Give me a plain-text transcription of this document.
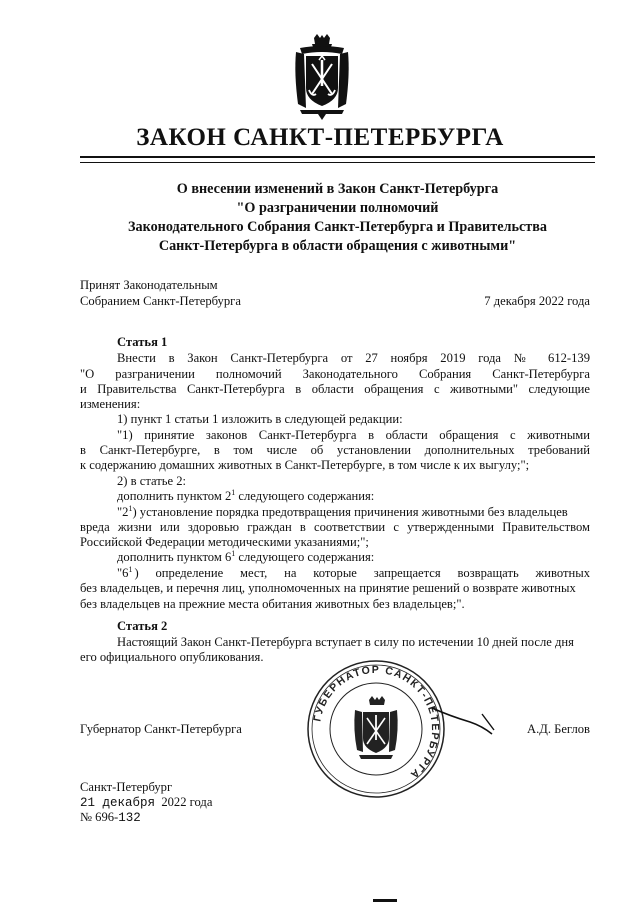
ЗАКОН САНКТ-ПЕТЕРБУРГА
О внесении изменений в Закон Санкт-Петербурга
"О разграничении полномочий
Законодательного Собрания Санкт-Петербурга и Правительства
Санкт-Петербурга в области обращения с животными"
Принят Законодательным
Собранием Санкт-Петербурга	7 декабря 2022 года
Статья 1
Внести в Закон Санкт-Петербурга от 27 ноября 2019 года № 612-139
"О разграничении полномочий Законодательного Собрания Санкт-Петербурга
и Правительства Санкт-Петербурга в области обращения с животными" следующие
изменения:
1) пункт 1 статьи 1 изложить в следующей редакции:
"1) принятие законов Санкт-Петербурга в области обращения с животными
в Санкт-Петербурге, в том числе об установлении дополнительных требований
к содержанию домашних животных в Санкт-Петербурге, в том числе к их выгулу;";
2) в статье 2:
дополнить пунктом $2^1$ следующего содержания:
"$2^1$) установление порядка предотвращения причинения животными без владельцев
вреда жизни или здоровью граждан в соответствии с утвержденными Правительством
Российской Федерации методическими указаниями;";
дополнить пунктом $6^1$ следующего содержания:
"$6^1$ ) определение мест, на которые запрещается возвращать животных
без владельцев, и перечня лиц, уполномоченных на принятие решений о возврате животных
без владельцев на прежние места обитания животных без владельцев;".
Статья 2
Настоящий Закон Санкт-Петербурга вступает в силу по истечении 10 дней после дня
его официального опубликования.
ГУБЕРНАТОР САНКТ-ПЕТЕРБУРГА
Губернатор Санкт-Петербурга	А.Д. Беглов
Санкт-Петербург
21 декабря 2022 года
№ 696-132
